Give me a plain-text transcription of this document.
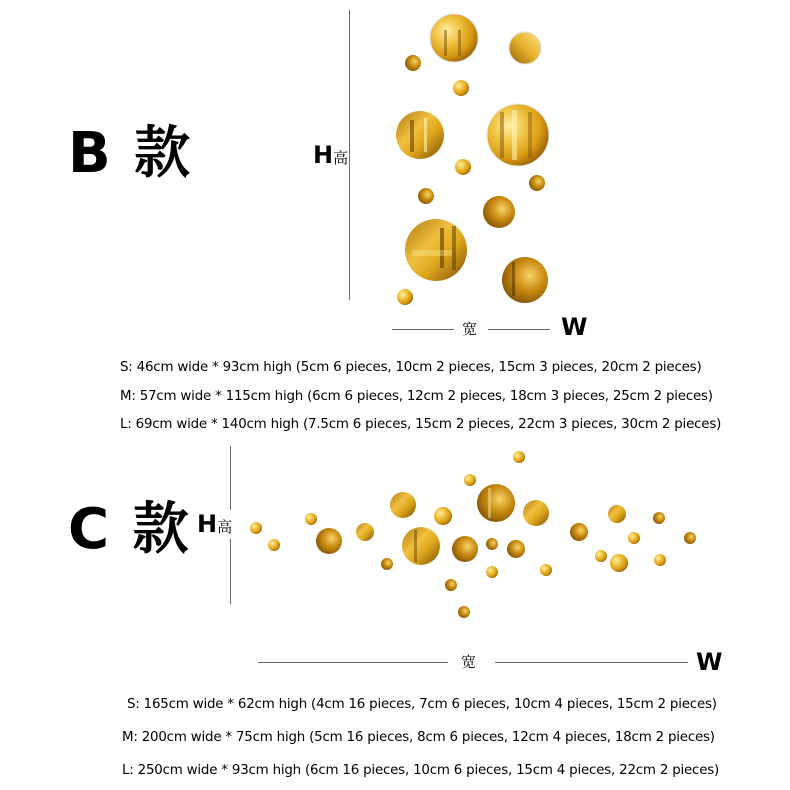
B 款	H高
宽	W
S: 46cm wide * 93cm high (5cm 6 pieces, 10cm 2 pieces, 15cm 3 pieces, 20cm 2 pieces)
M: 57cm wide * 115cm high (6cm 6 pieces, 12cm 2 pieces, 18cm 3 pieces, 25cm 2 pieces)
L: 69cm wide * 140cm high (7.5cm 6 pieces, 15cm 2 pieces, 22cm 3 pieces, 30cm 2 pieces)
C 款 H高
宽	W
S: 165cm wide * 62cm high (4cm 16 pieces, 7cm 6 pieces, 10cm 4 pieces, 15cm 2 pieces)
M: 200cm wide * 75cm high (5cm 16 pieces, 8cm 6 pieces, 12cm 4 pieces, 18cm 2 pieces)
L: 250cm wide * 93cm high (6cm 16 pieces, 10cm 6 pieces, 15cm 4 pieces, 22cm 2 pieces)
